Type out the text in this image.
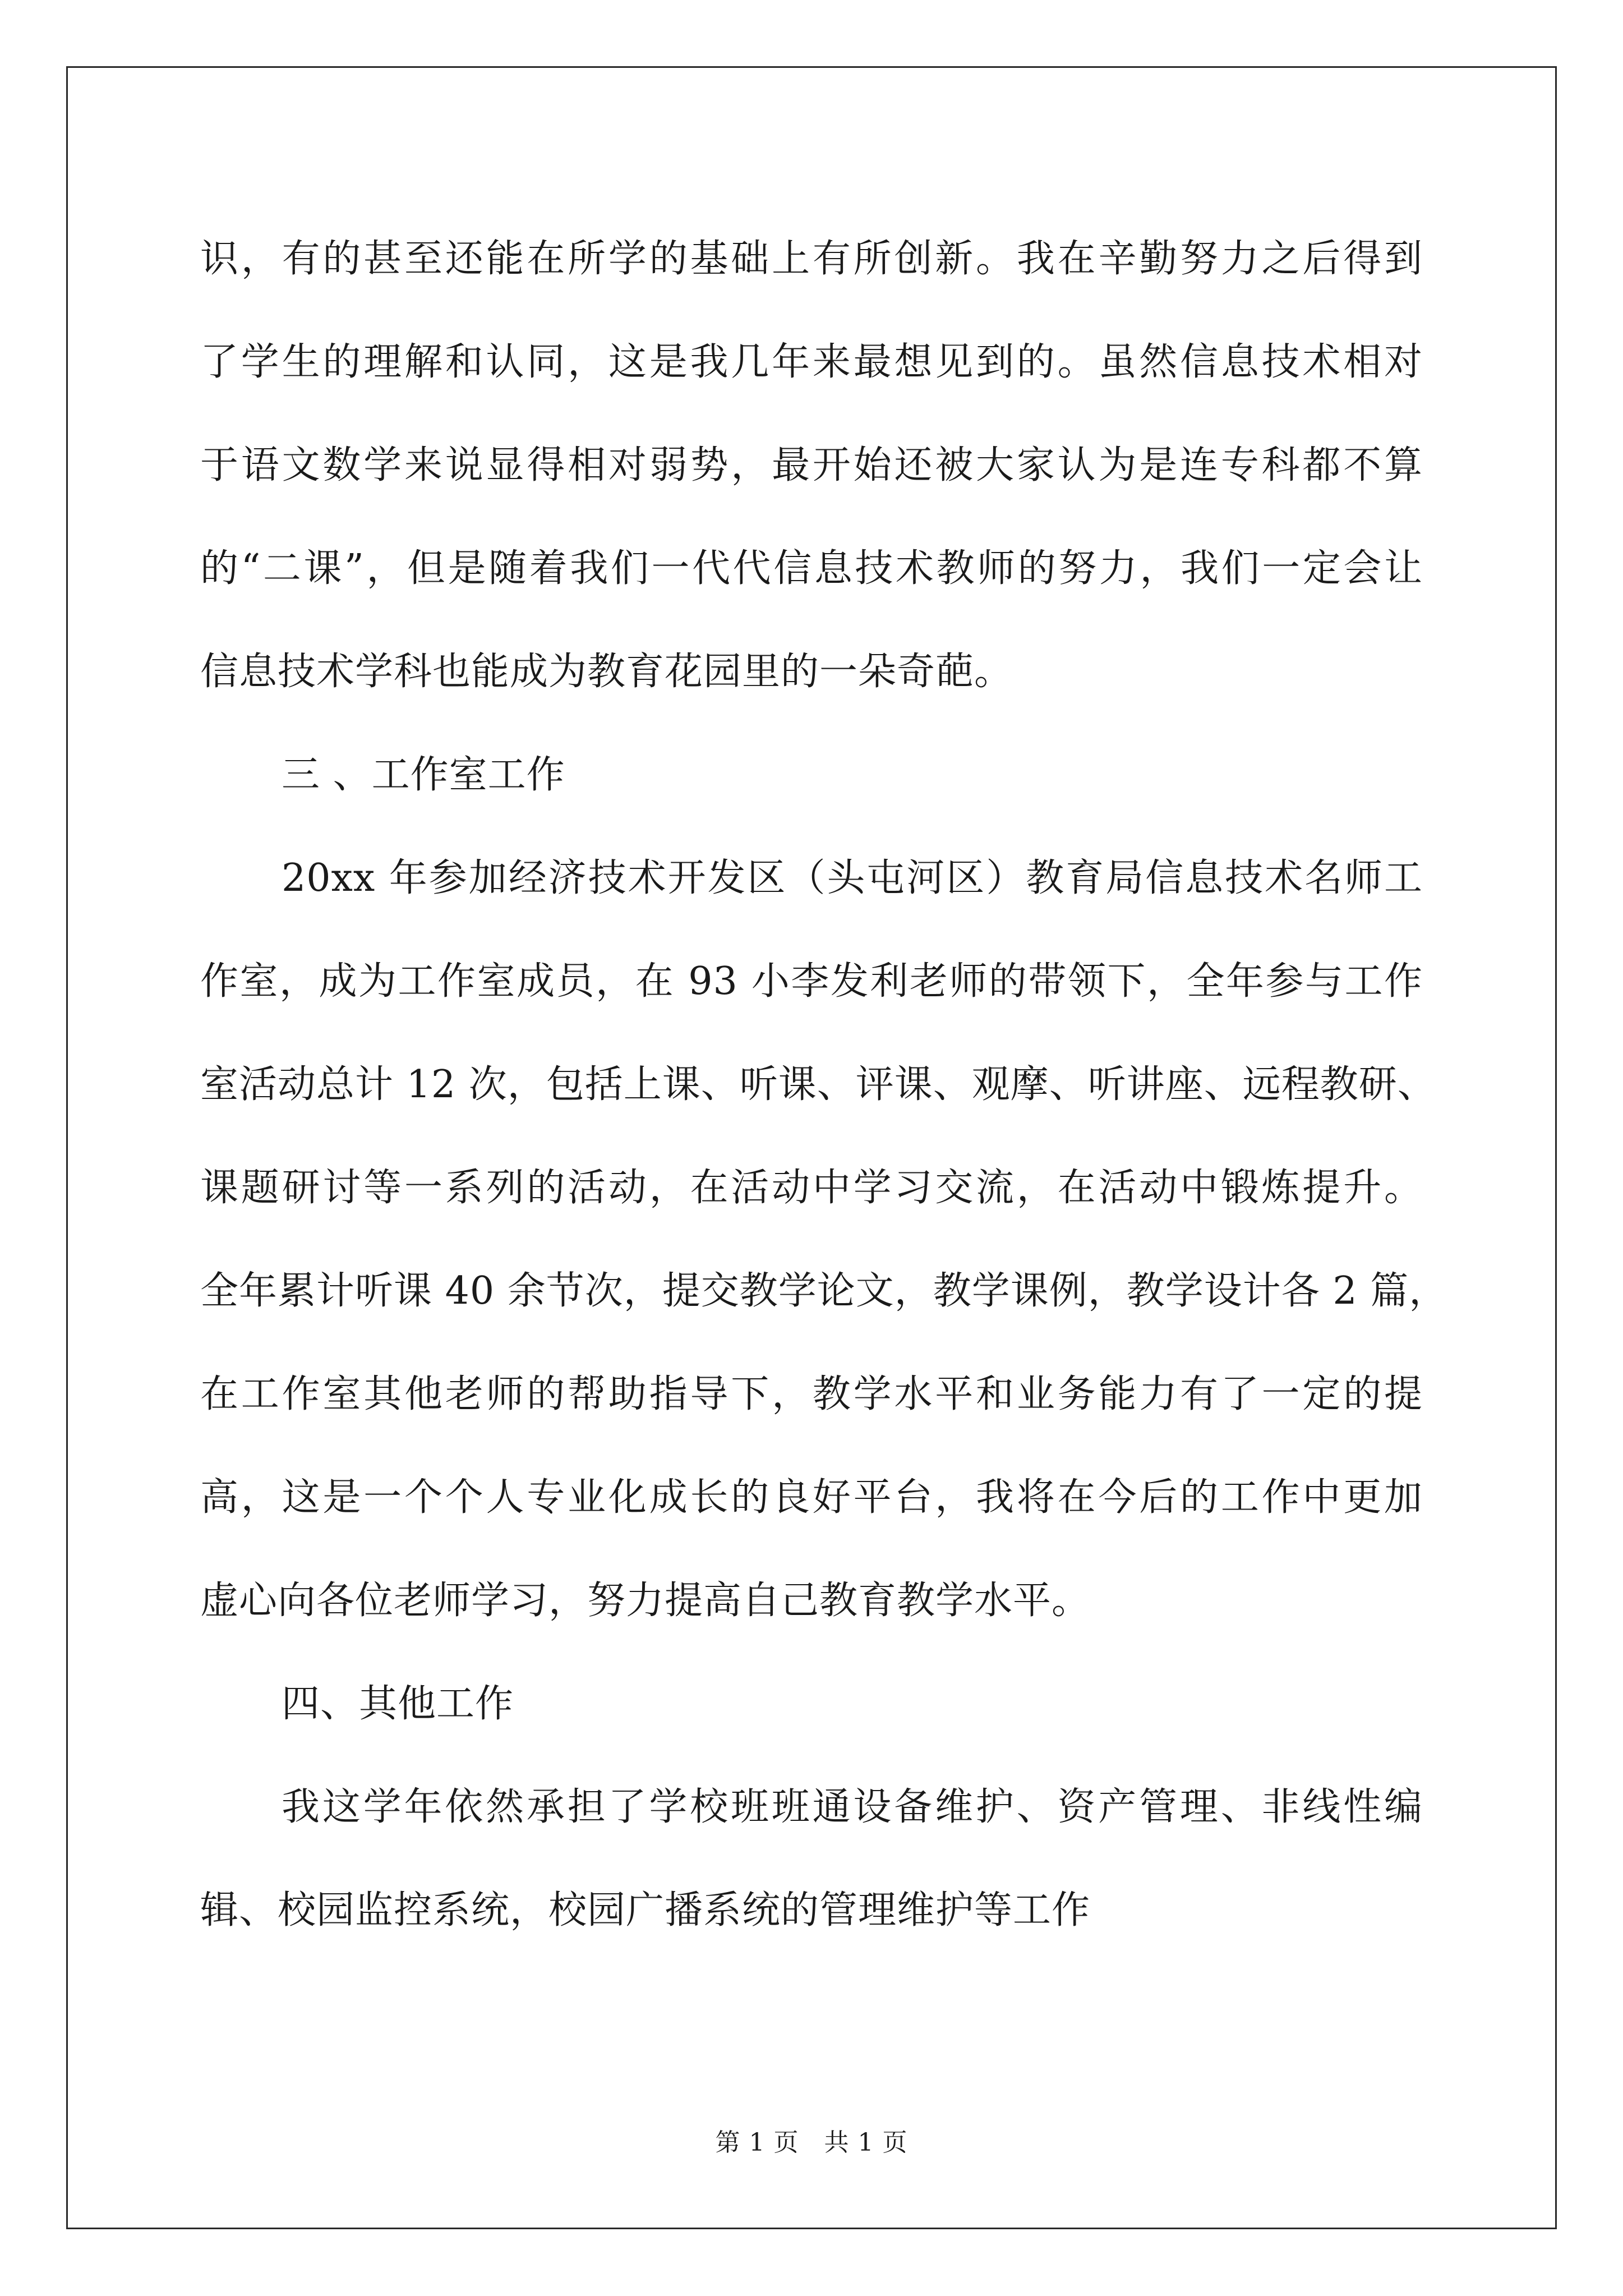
识，有的甚至还能在所学的基础上有所创新。我在辛勤努力之后得到
了学生的理解和认同，这是我几年来最想见到的。虽然信息技术相对
于语文数学来说显得相对弱势，最开始还被大家认为是连专科都不算
的“二课”，但是随着我们一代代信息技术教师的努力，我们一定会让
信息技术学科也能成为教育花园里的一朵奇葩。
三 、工作室工作
20xx 年参加经济技术开发区（头屯河区）教育局信息技术名师工
作室，成为工作室成员，在 93 小李发利老师的带领下，全年参与工作
室活动总计 12 次，包括上课、听课、评课、观摩、听讲座、远程教研、
课题研讨等一系列的活动，在活动中学习交流，在活动中锻炼提升。
全年累计听课 40 余节次，提交教学论文，教学课例，教学设计各 2 篇，
在工作室其他老师的帮助指导下，教学水平和业务能力有了一定的提
高，这是一个个人专业化成长的良好平台，我将在今后的工作中更加
虚心向各位老师学习，努力提高自己教育教学水平。
四、其他工作
我这学年依然承担了学校班班通设备维护、资产管理、非线性编
辑、校园监控系统，校园广播系统的管理维护等工作
第 1 页　共 1 页
